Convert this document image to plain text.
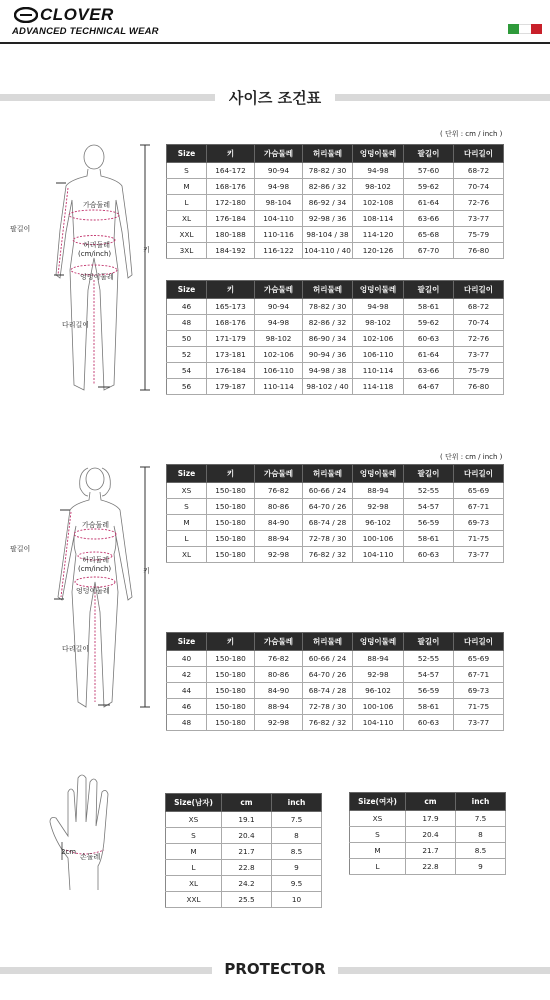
CLOVER
ADVANCED TECHNICAL WEAR
사이즈 조건표
( 단위 : cm / inch )
가슴둘레
허리둘레
(cm/inch)
엉덩이둘레
팔길이
다리길이
키
Size	키	가슴둘레	허리둘레	엉덩이둘레	팔길이	다리길이
S	164-172	90-94	78-82 / 30	94-98	57-60	68-72
M	168-176	94-98	82-86 / 32	98-102	59-62	70-74
L	172-180	98-104	86-92 / 34	102-108	61-64	72-76
XL	176-184	104-110	92-98 / 36	108-114	63-66	73-77
XXL	180-188	110-116	98-104 / 38	114-120	65-68	75-79
3XL	184-192	116-122	104-110 / 40	120-126	67-70	76-80
Size	키	가슴둘레	허리둘레	엉덩이둘레	팔길이	다리길이
46	165-173	90-94	78-82 / 30	94-98	58-61	68-72
48	168-176	94-98	82-86 / 32	98-102	59-62	70-74
50	171-179	98-102	86-90 / 34	102-106	60-63	72-76
52	173-181	102-106	90-94 / 36	106-110	61-64	73-77
54	176-184	106-110	94-98 / 38	110-114	63-66	75-79
56	179-187	110-114	98-102 / 40	114-118	64-67	76-80
( 단위 : cm / inch )
가슴둘레
허리둘레
(cm/inch)
엉덩이둘레
팔길이
다리길이
키
Size	키	가슴둘레	허리둘레	엉덩이둘레	팔길이	다리길이
XS	150-180	76-82	60-66 / 24	88-94	52-55	65-69
S	150-180	80-86	64-70 / 26	92-98	54-57	67-71
M	150-180	84-90	68-74 / 28	96-102	56-59	69-73
L	150-180	88-94	72-78 / 30	100-106	58-61	71-75
XL	150-180	92-98	76-82 / 32	104-110	60-63	73-77
Size	키	가슴둘레	허리둘레	엉덩이둘레	팔길이	다리길이
40	150-180	76-82	60-66 / 24	88-94	52-55	65-69
42	150-180	80-86	64-70 / 26	92-98	54-57	67-71
44	150-180	84-90	68-74 / 28	96-102	56-59	69-73
46	150-180	88-94	72-78 / 30	100-106	58-61	71-75
48	150-180	92-98	76-82 / 32	104-110	60-63	73-77
2cm
손둘레
Size(남자)	cm	inch
XS	19.1	7.5
S	20.4	8
M	21.7	8.5
L	22.8	9
XL	24.2	9.5
XXL	25.5	10
Size(여자)	cm	inch
XS	17.9	7.5
S	20.4	8
M	21.7	8.5
L	22.8	9
PROTECTOR
